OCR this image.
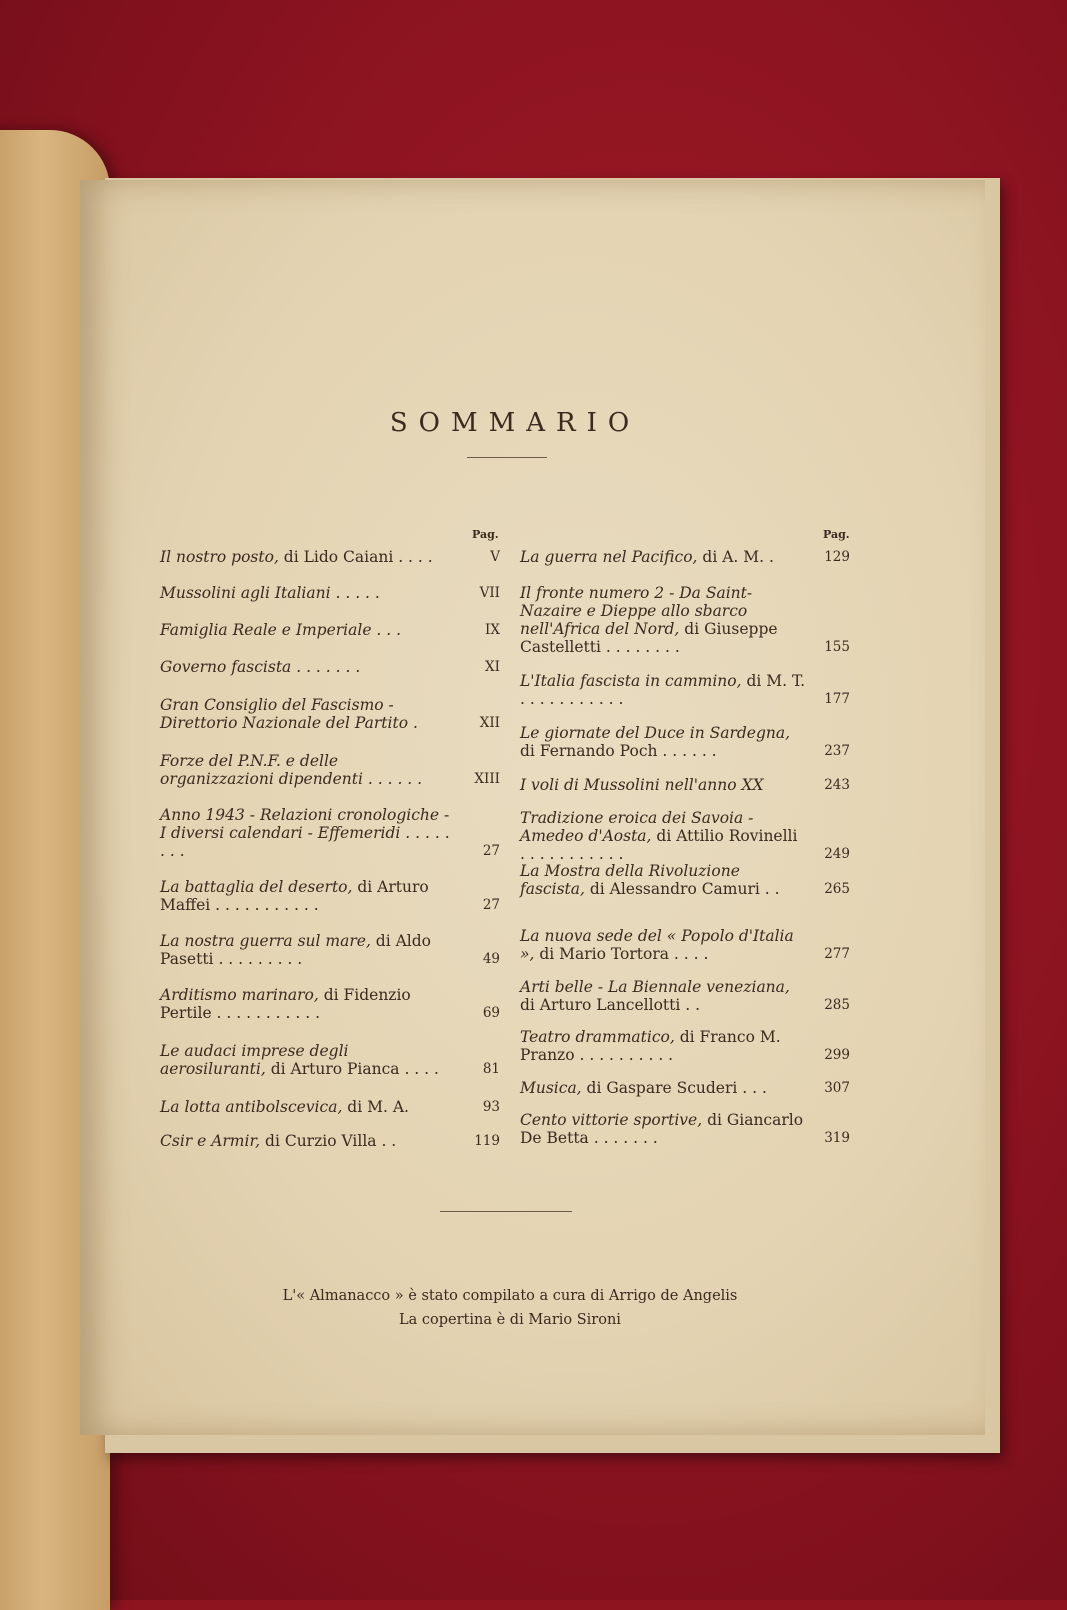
SOMMARIO
Pag.	Pag.
Il nostro posto, di Lido Caiani . . . .	V
Mussolini agli Italiani . . . . .	VII
Famiglia Reale e Imperiale . . .	IX
Governo fascista . . . . . . .	XI
Gran Consiglio del Fascismo - Direttorio Nazionale del Partito .	XII
Forze del P.N.F. e delle organizzazioni dipendenti . . . . . .	XIII
Anno 1943 - Relazioni cronologiche - I diversi calendari - Effemeridi . . . . . . . .	27
La battaglia del deserto, di Arturo Maffei . . . . . . . . . . .	27
La nostra guerra sul mare, di Aldo Pasetti . . . . . . . . .	49
Arditismo marinaro, di Fidenzio Pertile . . . . . . . . . . .	69
Le audaci imprese degli aerosiluranti, di Arturo Pianca . . . .	81
La lotta antibolscevica, di M. A.	93
Csir e Armir, di Curzio Villa . .	119
La guerra nel Pacifico, di A. M. .	129
Il fronte numero 2 - Da Saint-Nazaire e Dieppe allo sbarco nell'Africa del Nord, di Giuseppe Castelletti . . . . . . . .	155
L'Italia fascista in cammino, di M. T. . . . . . . . . . . .	177
Le giornate del Duce in Sardegna, di Fernando Poch . . . . . .	237
I voli di Mussolini nell'anno XX	243
Tradizione eroica dei Savoia - Amedeo d'Aosta, di Attilio Rovinelli . . . . . . . . . . .	249
La Mostra della Rivoluzione fascista, di Alessandro Camuri . .	265
La nuova sede del « Popolo d'Italia », di Mario Tortora . . . .	277
Arti belle - La Biennale veneziana, di Arturo Lancellotti . .	285
Teatro drammatico, di Franco M. Pranzo . . . . . . . . . .	299
Musica, di Gaspare Scuderi . . .	307
Cento vittorie sportive, di Giancarlo De Betta . . . . . . .	319
L'« Almanacco » è stato compilato a cura di Arrigo de Angelis
La copertina è di Mario Sironi
